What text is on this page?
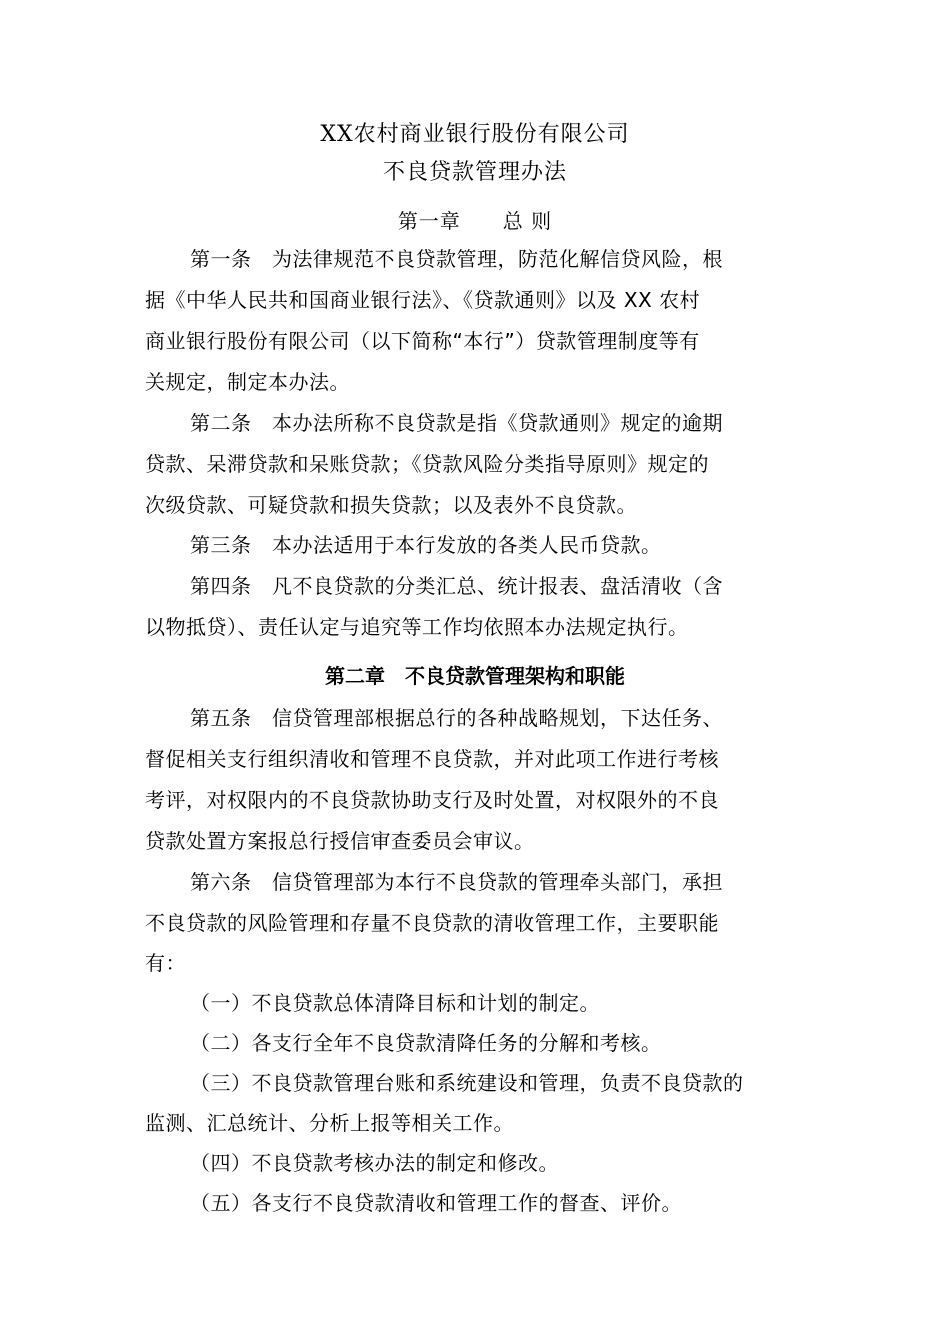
XX农村商业银行股份有限公司
不良贷款管理办法
第一章　　总 则
第一条　为法律规范不良贷款管理，防范化解信贷风险，根
据《中华人民共和国商业银行法》、《贷款通则》以及 XX 农村
商业银行股份有限公司（以下简称“本行”）贷款管理制度等有
关规定，制定本办法。
第二条　本办法所称不良贷款是指《贷款通则》规定的逾期
贷款、呆滞贷款和呆账贷款；《贷款风险分类指导原则》规定的
次级贷款、可疑贷款和损失贷款；以及表外不良贷款。
第三条　本办法适用于本行发放的各类人民币贷款。
第四条　凡不良贷款的分类汇总、统计报表、盘活清收（含
以物抵贷）、责任认定与追究等工作均依照本办法规定执行。
第二章　不良贷款管理架构和职能
第五条　信贷管理部根据总行的各种战略规划，下达任务、
督促相关支行组织清收和管理不良贷款，并对此项工作进行考核
考评，对权限内的不良贷款协助支行及时处置，对权限外的不良
贷款处置方案报总行授信审查委员会审议。
第六条　信贷管理部为本行不良贷款的管理牵头部门，承担
不良贷款的风险管理和存量不良贷款的清收管理工作，主要职能
有：
（一）不良贷款总体清降目标和计划的制定。
（二）各支行全年不良贷款清降任务的分解和考核。
（三）不良贷款管理台账和系统建设和管理，负责不良贷款的
监测、汇总统计、分析上报等相关工作。
（四）不良贷款考核办法的制定和修改。
（五）各支行不良贷款清收和管理工作的督查、评价。
